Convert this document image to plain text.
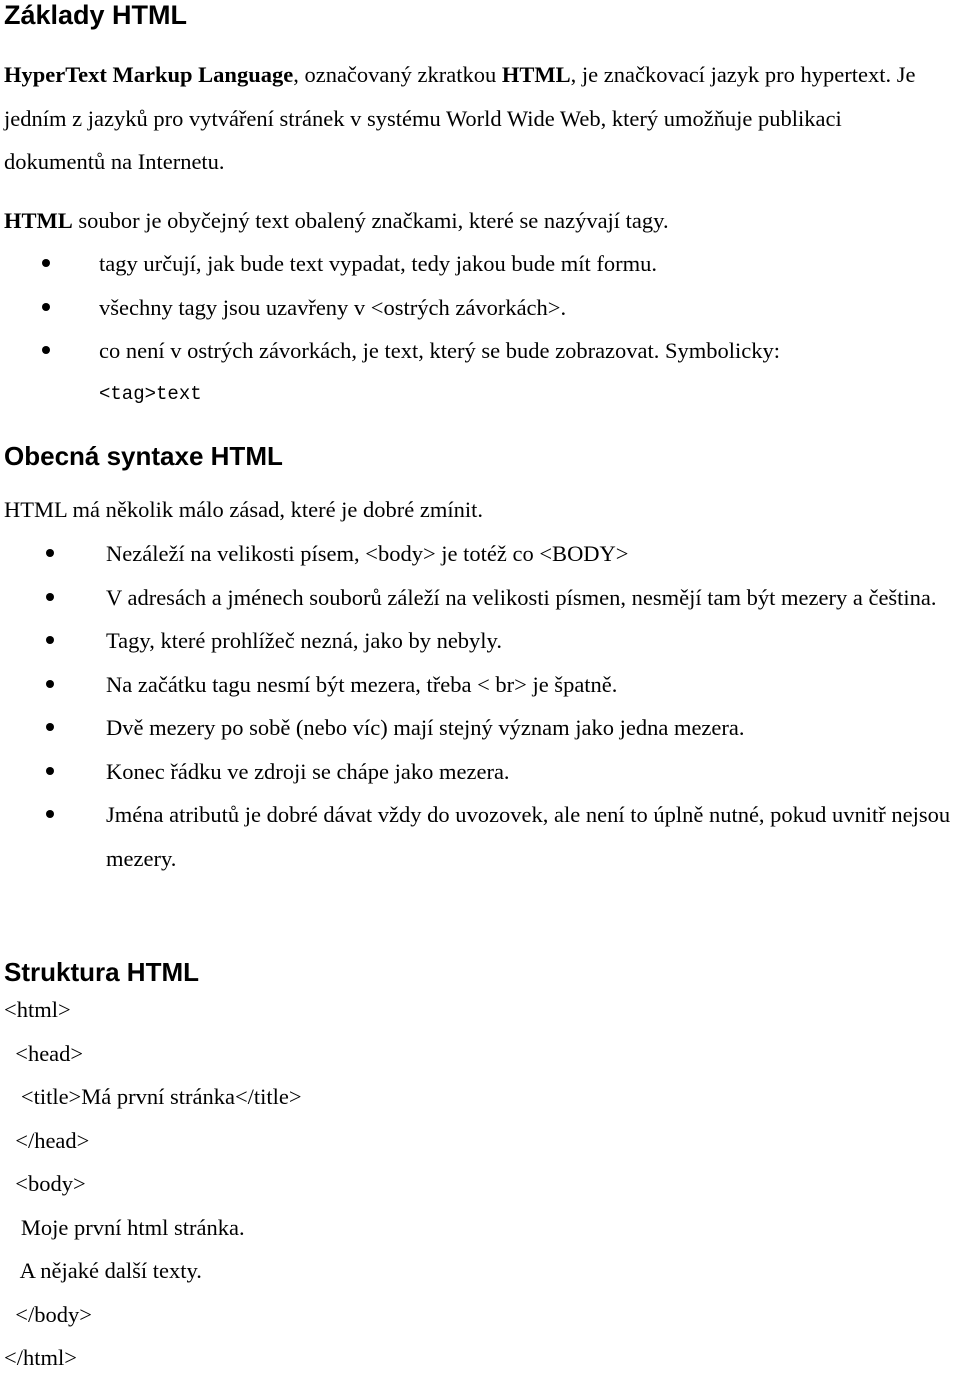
Základy HTML

HyperText Markup Language, označovaný zkratkou HTML, je značkovací jazyk pro hypertext. Je jedním z jazyků pro vytváření stránek v systému World Wide Web, který umožňuje publikaci dokumentů na Internetu.

HTML soubor je obyčejný text obalený značkami, které se nazývají tagy.

tagy určují, jak bude text vypadat, tedy jakou bude mít formu.
všechny tagy jsou uzavřeny v <ostrých závorkách>.
co není v ostrých závorkách, je text, který se bude zobrazovat. Symbolicky:
<tag>text
Obecná syntaxe HTML

HTML má několik málo zásad, které je dobré zmínit.

Nezáleží na velikosti písem, <body> je totéž co <BODY>
V adresách a jménech souborů záleží na velikosti písmen, nesmějí tam být mezery a čeština.
Tagy, které prohlížeč nezná, jako by nebyly.
Na začátku tagu nesmí být mezera, třeba < br> je špatně.
Dvě mezery po sobě (nebo víc) mají stejný význam jako jedna mezera.
Konec řádku ve zdroji se chápe jako mezera.
Jména atributů je dobré dávat vždy do uvozovek, ale není to úplně nutné, pokud uvnitř nejsou mezery.
Struktura HTML
<html>
<head>
<title>Má první stránka</title>
</head>
<body>
Moje první html stránka.
A nějaké další texty.
</body>
</html>
